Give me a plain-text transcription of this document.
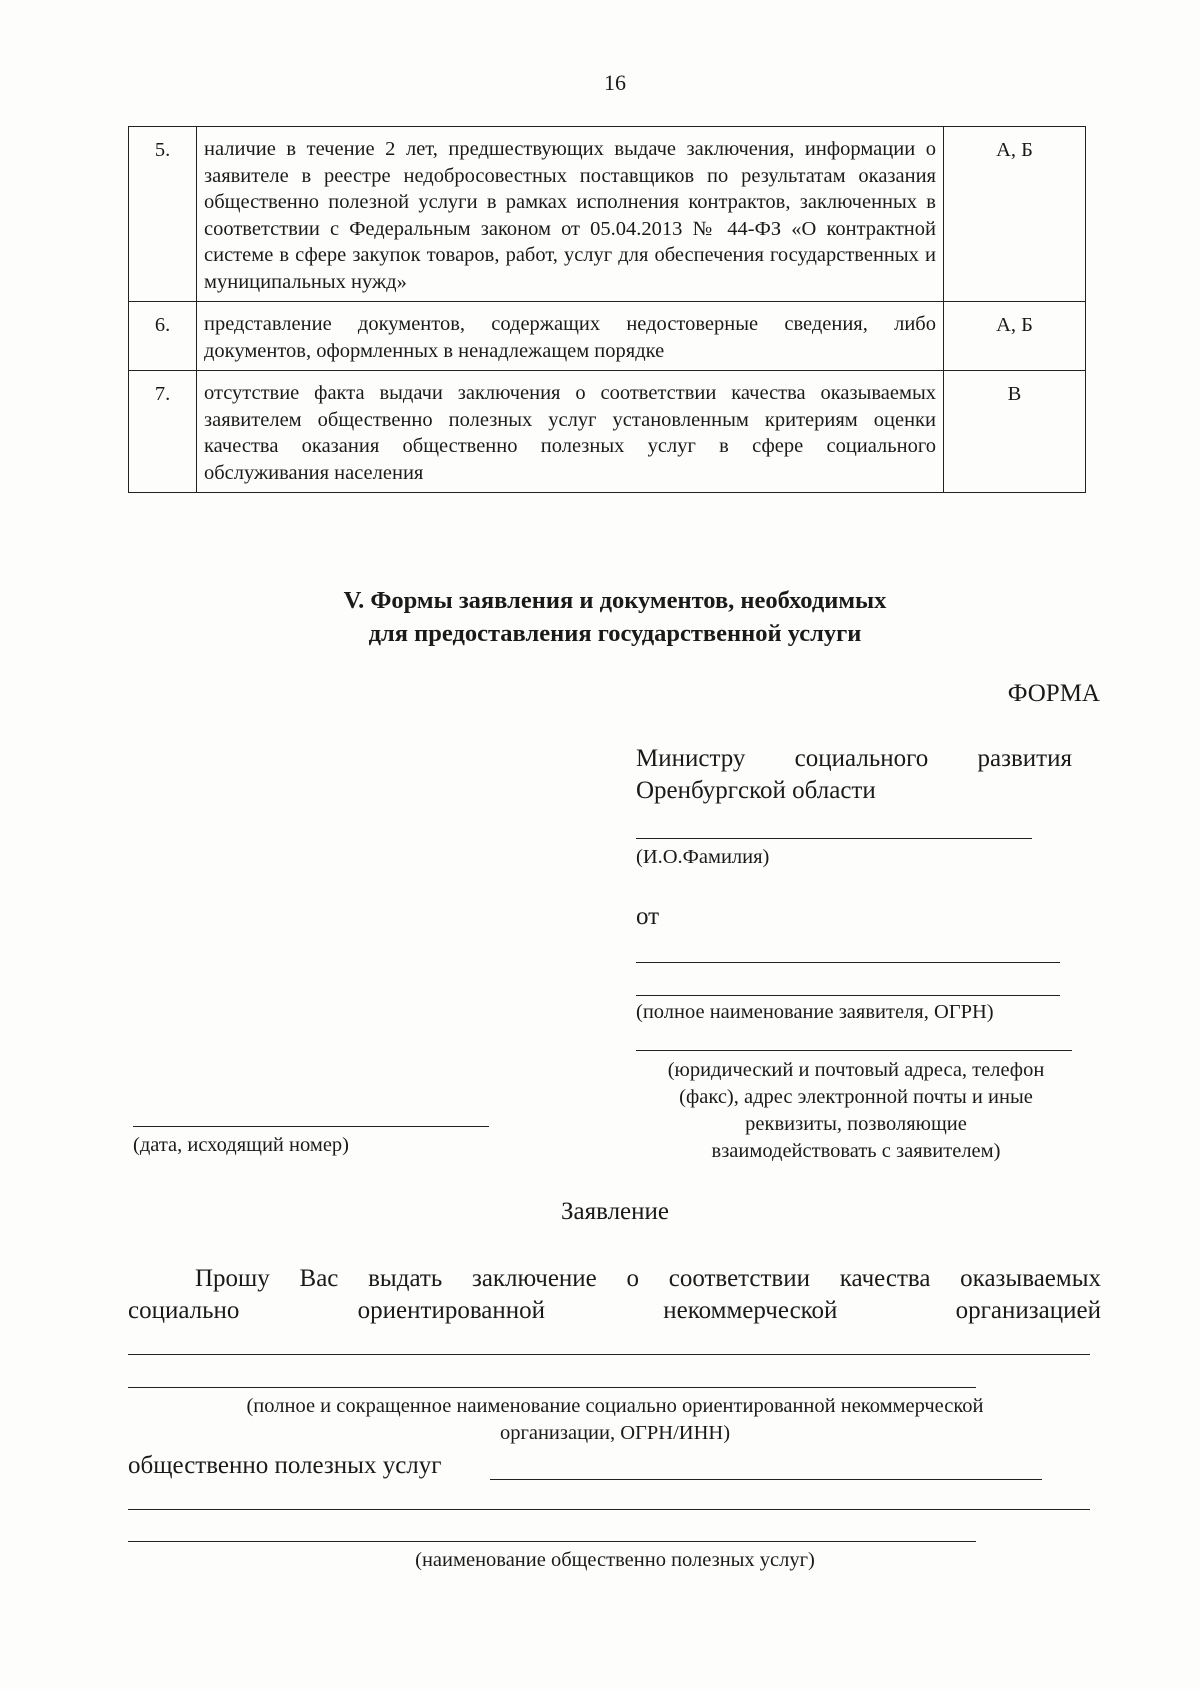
16
5.	наличие в течение 2 лет, предшествующих выдаче заключения, информации о заявителе в реестре недобросовестных поставщиков по результатам оказания общественно полезной услуги в рамках исполнения контрактов, заключенных в соответствии с Федеральным законом от 05.04.2013 № 44-ФЗ «О контрактной системе в сфере закупок товаров, работ, услуг для обеспечения государственных и муниципальных нужд»	А, Б
6.	представление документов, содержащих недостоверные сведения, либо документов, оформленных в ненадлежащем порядке	А, Б
7.	отсутствие факта выдачи заключения о соответствии качества оказываемых заявителем общественно полезных услуг установленным критериям оценки качества оказания общественно полезных услуг в сфере социального обслуживания населения	В
V. Формы заявления и документов, необходимых
для предоставления государственной услуги
ФОРМА
Министру социального развития
Оренбургской области
(И.О.Фамилия)
от
(полное наименование заявителя, ОГРН)
(юридический и почтовый адреса, телефон
(факс), адрес электронной почты и иные
реквизиты, позволяющие
взаимодействовать с заявителем)
(дата, исходящий номер)
Заявление
Прошу Вас выдать заключение о соответствии качества оказываемых
социально ориентированной некоммерческой организацией
(полное и сокращенное наименование социально ориентированной некоммерческой
организации, ОГРН/ИНН)
общественно полезных услуг
(наименование общественно полезных услуг)
